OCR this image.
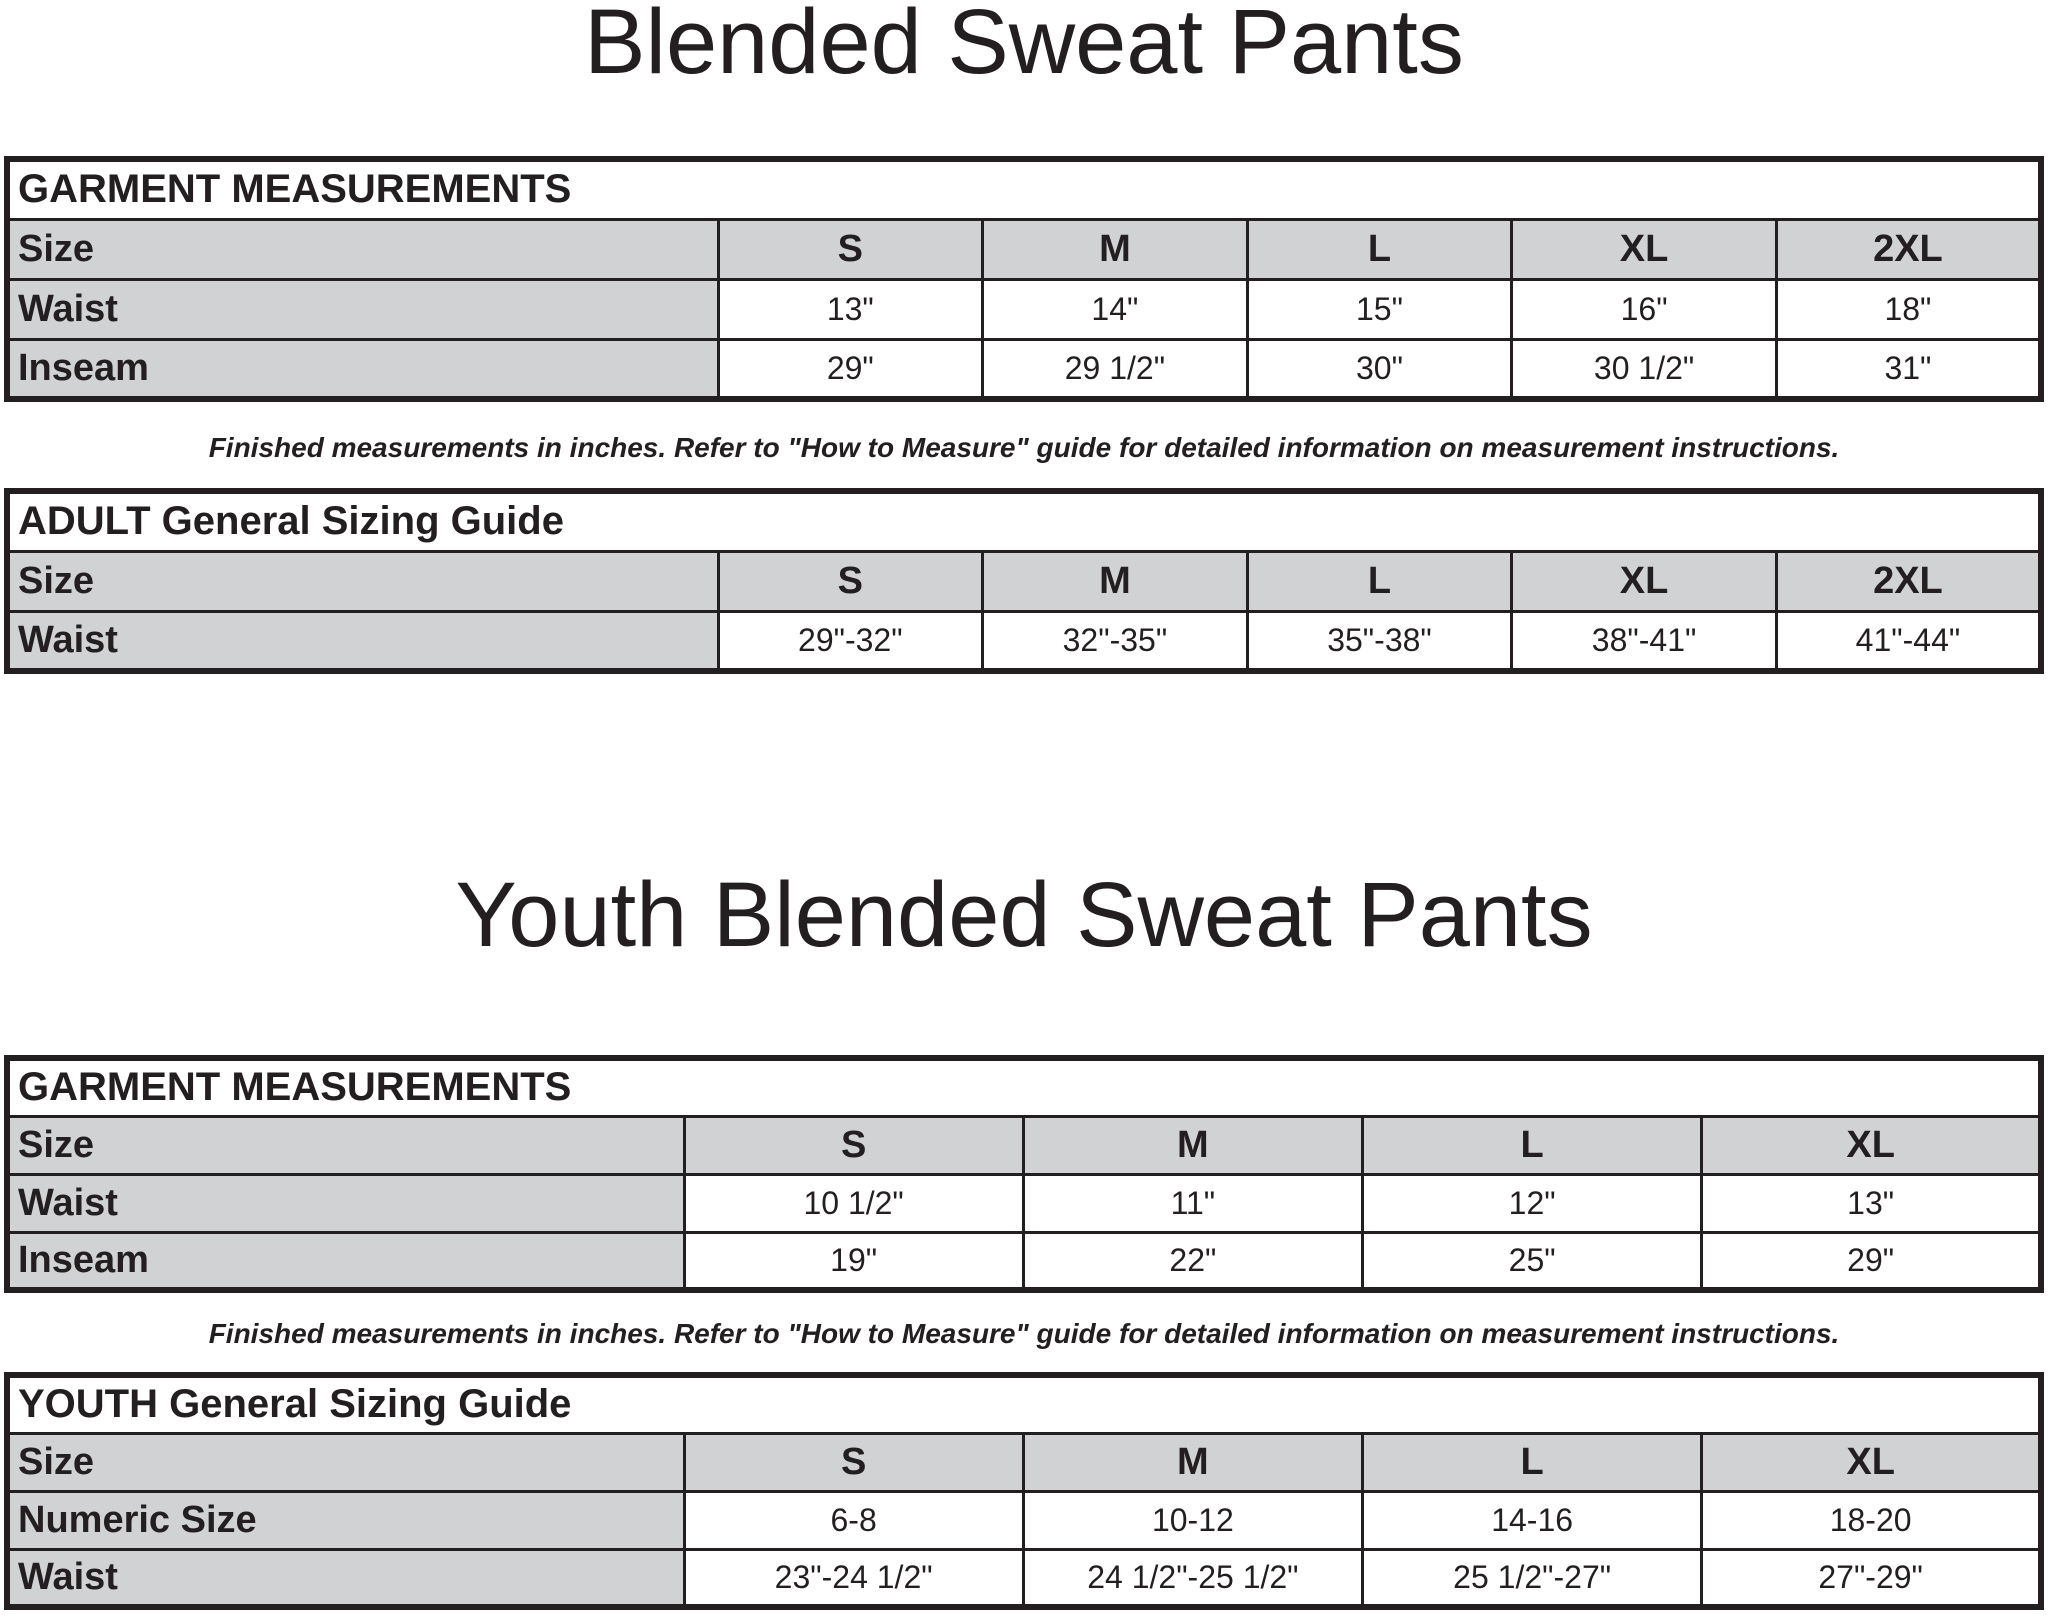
Blended Sweat Pants
GARMENT MEASUREMENTS					
Size	S	M	L	XL	2XL
Waist	13"	14"	15"	16"	18"
Inseam	29"	29 1/2"	30"	30 1/2"	31"

Finished measurements in inches. Refer to "How to Measure" guide for detailed information on measurement instructions.

ADULT General Sizing Guide					
Size	S	M	L	XL	2XL
Waist	29"-32"	32"-35"	35"-38"	38"-41"	41"-44"
Youth Blended Sweat Pants
GARMENT MEASUREMENTS				
Size	S	M	L	XL
Waist	10 1/2"	11"	12"	13"
Inseam	19"	22"	25"	29"

Finished measurements in inches. Refer to "How to Measure" guide for detailed information on measurement instructions.

YOUTH General Sizing Guide				
Size	S	M	L	XL
Numeric Size	6-8	10-12	14-16	18-20
Waist	23"-24 1/2"	24 1/2"-25 1/2"	25 1/2"-27"	27"-29"
